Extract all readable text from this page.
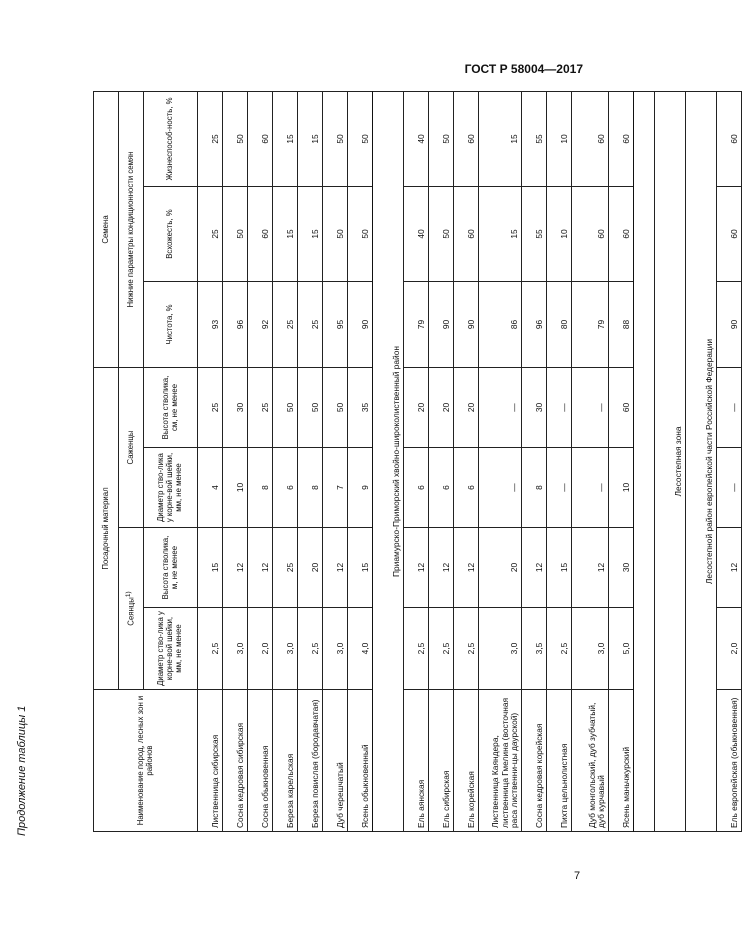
ГОСТ Р 58004—2017
Продолжение таблицы 1
7
Наименование пород, лесных зон и районов	Посадочный материал				Семена		
	Сеянцы$^{1)}$		Саженцы		Нижние параметры кондиционности семян		
	Диаметр ство-лика у корне-вой шейки, мм, не менее	Высота стволика, м, не менее	Диаметр ство-лика у корне-вой шейки, мм, не менее	Высота стволика, см, не менее	Чистота, %	Всхожесть, %	Жизнеспособ-ность, %

Лиственница сибирская	2,5	15	4	25	93	25	25
Сосна кедровая сибирская	3,0	12	10	30	96	50	50
Сосна обыкновенная	2,0	12	8	25	92	60	60
Береза карельская	3,0	25	6	50	25	15	15
Береза повислая (бородавчатая)	2,5	20	8	50	25	15	15
Дуб черешчатый	3,0	12	7	50	95	50	50
Ясень обыкновенный	4,0	15	9	35	90	50	50
Приамурско-Приморский хвойно-широколиственный район							
Ель аянская	2,5	12	6	20	79	40	40
Ель сибирская	2,5	12	6	20	90	50	50
Ель корейская	2,5	12	6	20	90	60	60
Лиственница Каяндера, лиственница Гмелина (восточная раса лиственни-цы даурской)	3,0	20	—	—	86	15	15
Сосна кедровая корейская	3,5	12	8	30	96	55	55
Пихта цельнолистная	2,5	15	—	—	80	10	10
Дуб монгольский, дуб зубчатый, дуб курчавый	3,0	12	—	—	79	60	60
Ясень маньчжурский	5,0	30	10	60	88	60	60

Лесостепная зона							
Лесостепной район европейской части Российской Федерации							
Ель европейская (обыкновенная)	2,0	12	—	—	90	60	60
